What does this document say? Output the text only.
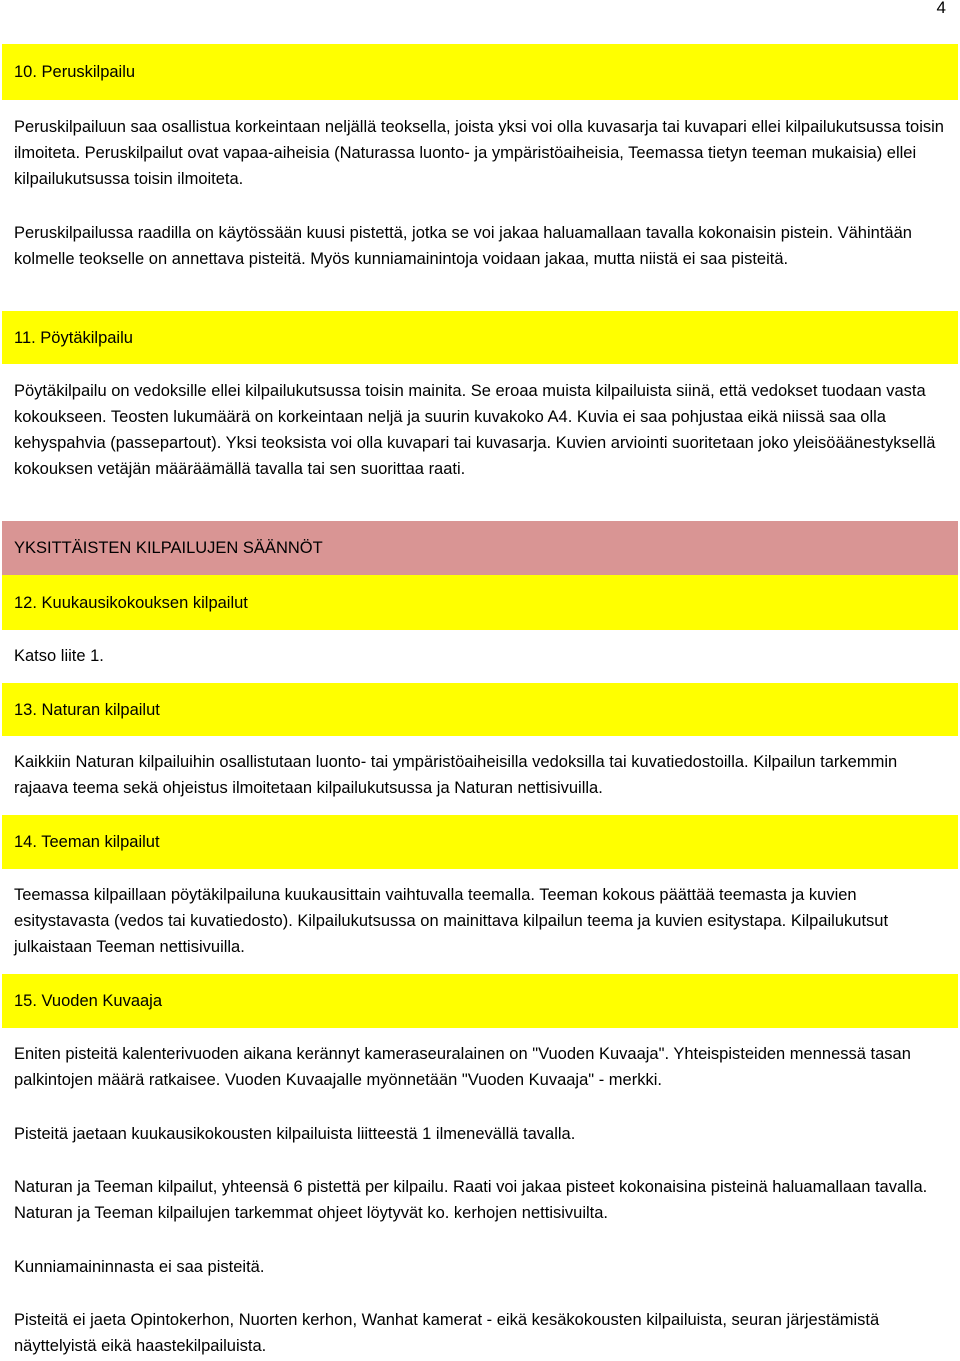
4
10. Peruskilpailu

Peruskilpailuun saa osallistua korkeintaan neljällä teoksella, joista yksi voi olla kuvasarja tai kuvapari ellei kilpailukutsussa toisin ilmoiteta. Peruskilpailut ovat vapaa-aiheisia (Naturassa luonto- ja ympäristöaiheisia, Teemassa tietyn teeman mukaisia) ellei kilpailukutsussa toisin ilmoiteta.

Peruskilpailussa raadilla on käytössään kuusi pistettä, jotka se voi jakaa haluamallaan tavalla kokonaisin pistein. Vähintään kolmelle teokselle on annettava pisteitä. Myös kunniamainintoja voidaan jakaa, mutta niistä ei saa pisteitä.

11. Pöytäkilpailu

Pöytäkilpailu on vedoksille ellei kilpailukutsussa toisin mainita. Se eroaa muista kilpailuista siinä, että vedokset tuodaan vasta kokoukseen. Teosten lukumäärä on korkeintaan neljä ja suurin kuvakoko A4. Kuvia ei saa pohjustaa eikä niissä saa olla kehyspahvia (passepartout). Yksi teoksista voi olla kuvapari tai kuvasarja. Kuvien arviointi suoritetaan joko yleisöäänestyksellä kokouksen vetäjän määräämällä tavalla tai sen suorittaa raati.

YKSITTÄISTEN KILPAILUJEN SÄÄNNÖT
12. Kuukausikokouksen kilpailut

Katso liite 1.

13. Naturan kilpailut

Kaikkiin Naturan kilpailuihin osallistutaan luonto- tai ympäristöaiheisilla vedoksilla tai kuvatiedostoilla. Kilpailun tarkemmin rajaava teema sekä ohjeistus ilmoitetaan kilpailukutsussa ja Naturan nettisivuilla.

14. Teeman kilpailut

Teemassa kilpaillaan pöytäkilpailuna kuukausittain vaihtuvalla teemalla. Teeman kokous päättää teemasta ja kuvien esitystavasta (vedos tai kuvatiedosto). Kilpailukutsussa on mainittava kilpailun teema ja kuvien esitystapa. Kilpailukutsut julkaistaan Teeman nettisivuilla.

15. Vuoden Kuvaaja

Eniten pisteitä kalenterivuoden aikana kerännyt kameraseuralainen on "Vuoden Kuvaaja". Yhteispisteiden mennessä tasan palkintojen määrä ratkaisee. Vuoden Kuvaajalle myönnetään "Vuoden Kuvaaja" - merkki.

Pisteitä jaetaan kuukausikokousten kilpailuista liitteestä 1 ilmenevällä tavalla.

Naturan ja Teeman kilpailut, yhteensä 6 pistettä per kilpailu. Raati voi jakaa pisteet kokonaisina pisteinä haluamallaan tavalla. Naturan ja Teeman kilpailujen tarkemmat ohjeet löytyvät ko. kerhojen nettisivuilta.

Kunniamaininnasta ei saa pisteitä.

Pisteitä ei jaeta Opintokerhon, Nuorten kerhon, Wanhat kamerat - eikä kesäkokousten kilpailuista, seuran järjestämistä näyttelyistä eikä haastekilpailuista.
